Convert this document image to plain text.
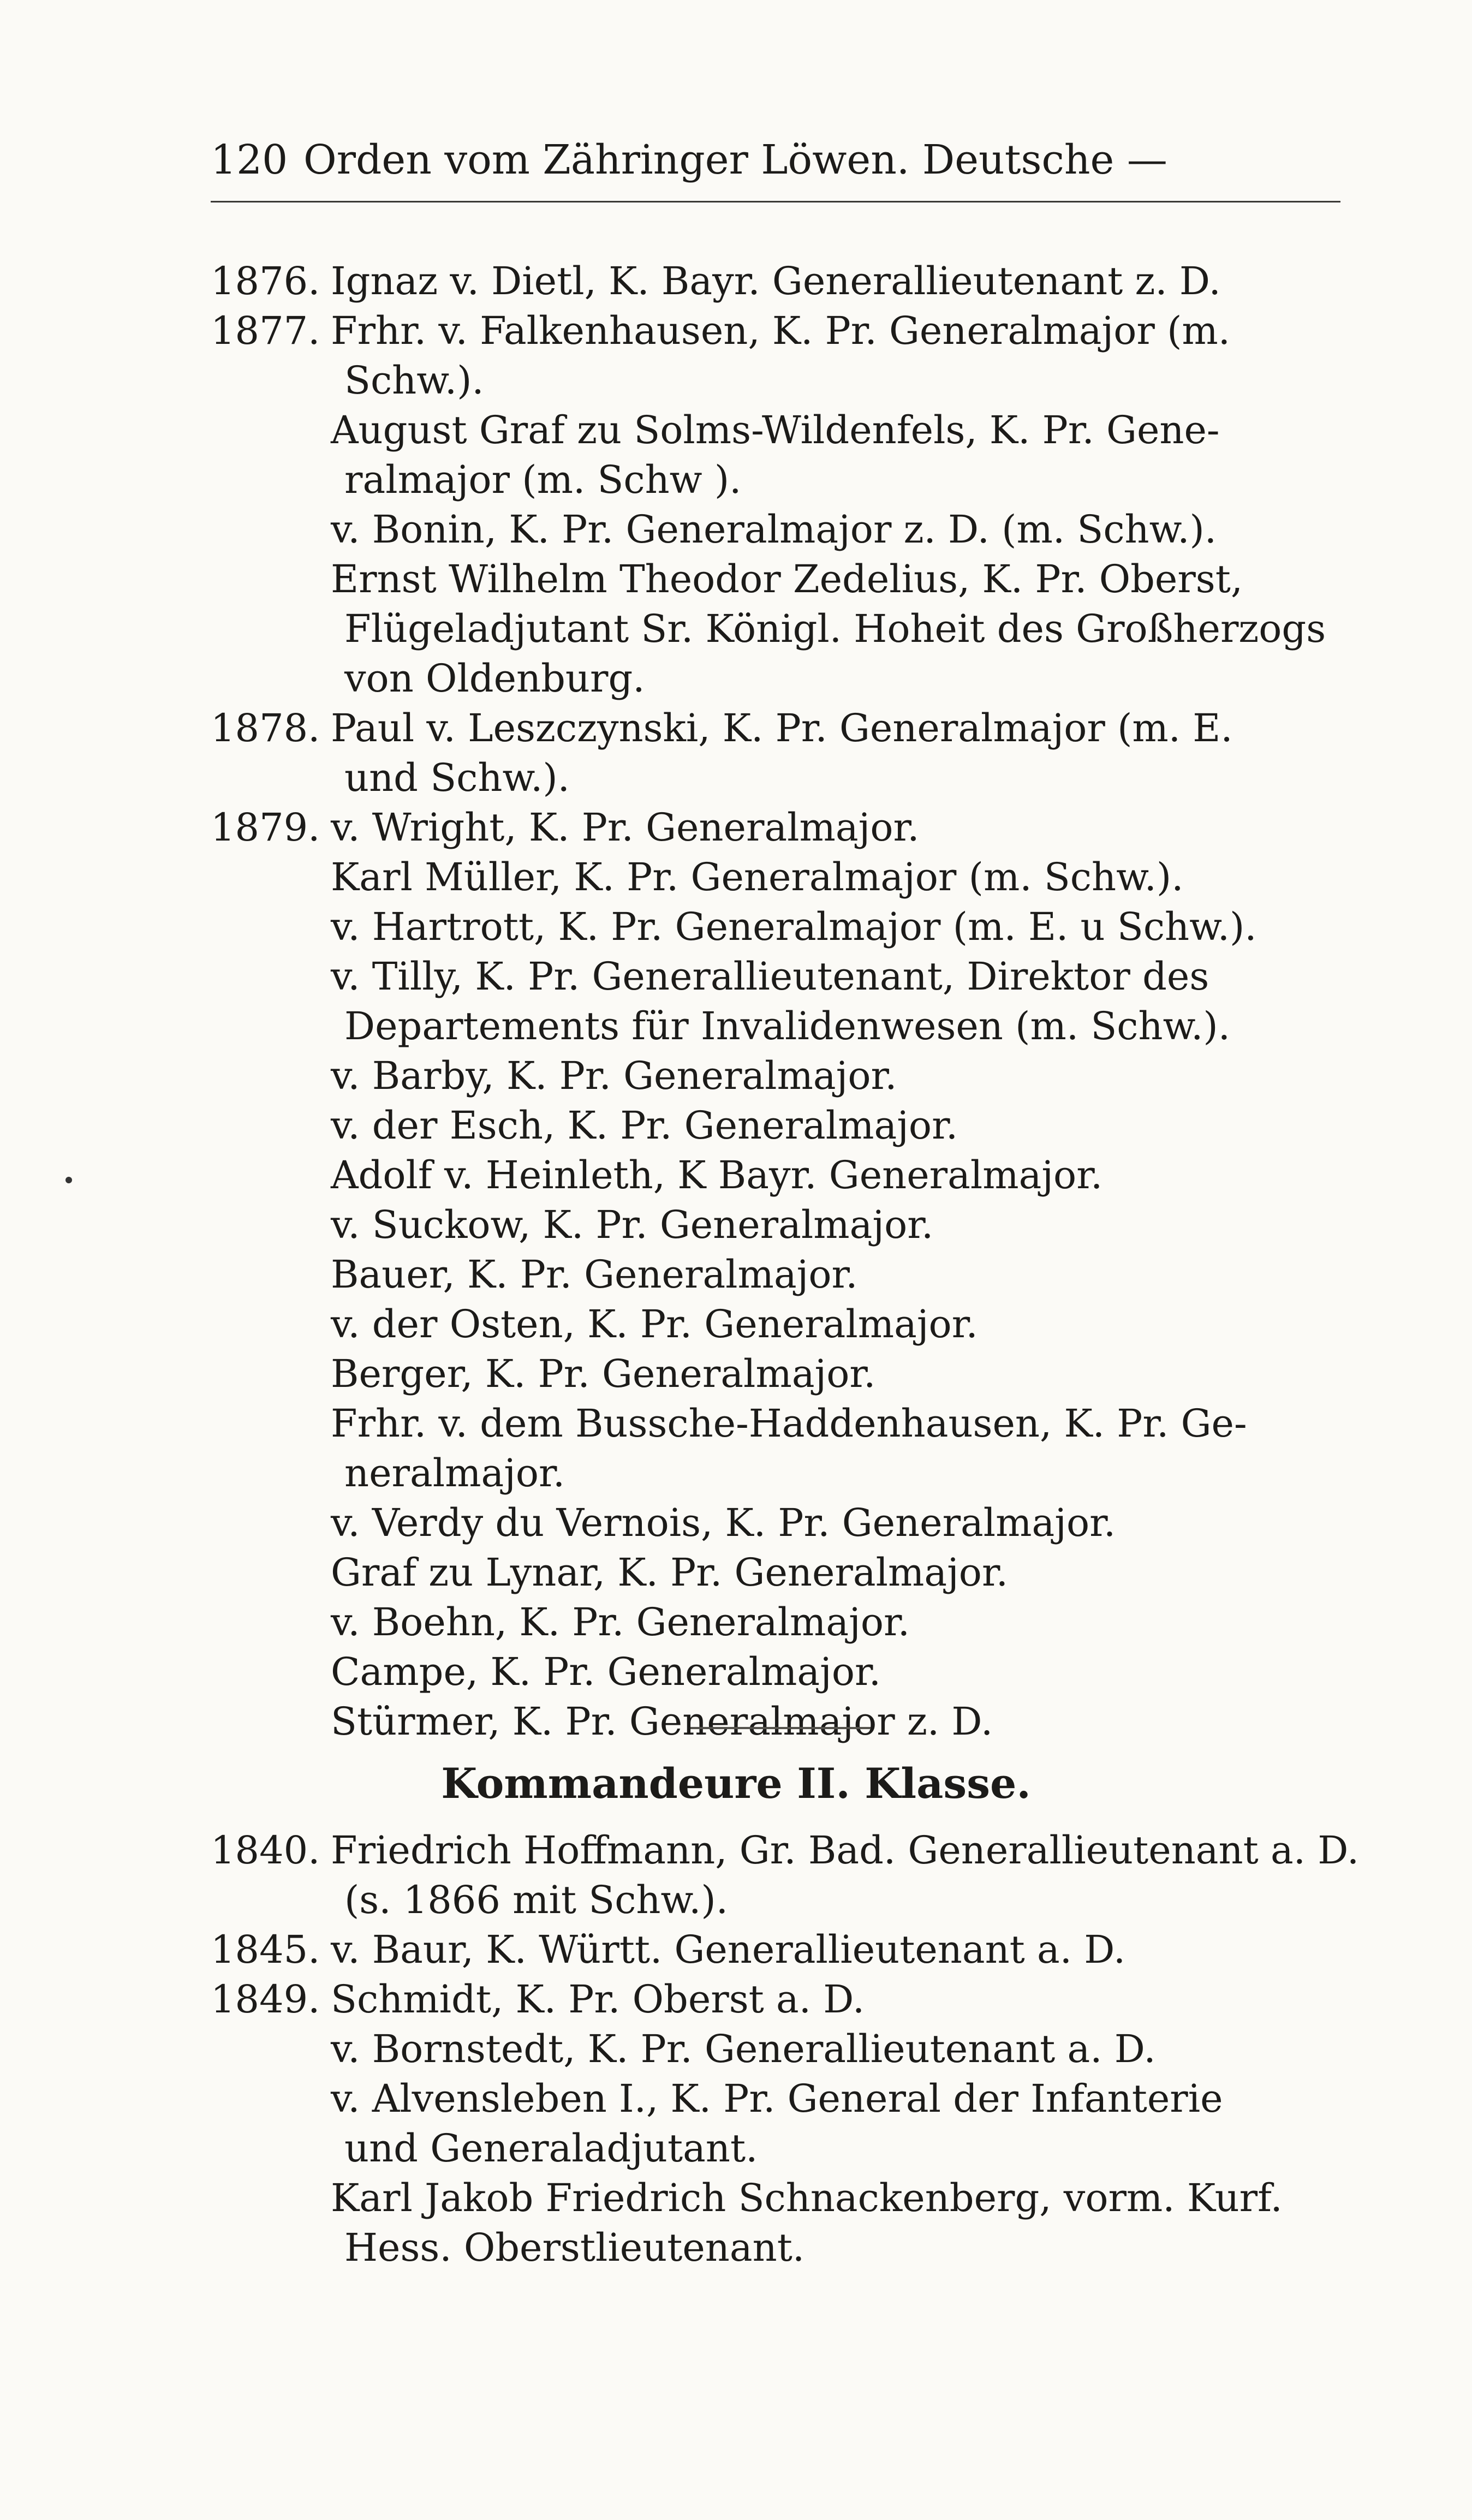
120 Orden vom Zähringer Löwen. Deutsche —
1876. Ignaz v. Dietl, K. Bayr. Generallieutenant z. D.
1877. Frhr. v. Falkenhausen, K. Pr. Generalmajor (m.
Schw.).
August Graf zu Solms-Wildenfels, K. Pr. Gene-
ralmajor (m. Schw ).
v. Bonin, K. Pr. Generalmajor z. D. (m. Schw.).
Ernst Wilhelm Theodor Zedelius, K. Pr. Oberst,
Flügeladjutant Sr. Königl. Hoheit des Großherzogs
von Oldenburg.
1878. Paul v. Leszczynski, K. Pr. Generalmajor (m. E.
und Schw.).
1879. v. Wright, K. Pr. Generalmajor.
Karl Müller, K. Pr. Generalmajor (m. Schw.).
v. Hartrott, K. Pr. Generalmajor (m. E. u Schw.).
v. Tilly, K. Pr. Generallieutenant, Direktor des
Departements für Invalidenwesen (m. Schw.).
v. Barby, K. Pr. Generalmajor.
v. der Esch, K. Pr. Generalmajor.
Adolf v. Heinleth, K Bayr. Generalmajor.
v. Suckow, K. Pr. Generalmajor.
Bauer, K. Pr. Generalmajor.
v. der Osten, K. Pr. Generalmajor.
Berger, K. Pr. Generalmajor.
Frhr. v. dem Bussche-Haddenhausen, K. Pr. Ge-
neralmajor.
v. Verdy du Vernois, K. Pr. Generalmajor.
Graf zu Lynar, K. Pr. Generalmajor.
v. Boehn, K. Pr. Generalmajor.
Campe, K. Pr. Generalmajor.
Stürmer, K. Pr. Generalmajor z. D.
Kommandeure II. Klasse.
1840. Friedrich Hoffmann, Gr. Bad. Generallieutenant a. D.
(s. 1866 mit Schw.).
1845. v. Baur, K. Württ. Generallieutenant a. D.
1849. Schmidt, K. Pr. Oberst a. D.
v. Bornstedt, K. Pr. Generallieutenant a. D.
v. Alvensleben I., K. Pr. General der Infanterie
und Generaladjutant.
Karl Jakob Friedrich Schnackenberg, vorm. Kurf.
Hess. Oberstlieutenant.
